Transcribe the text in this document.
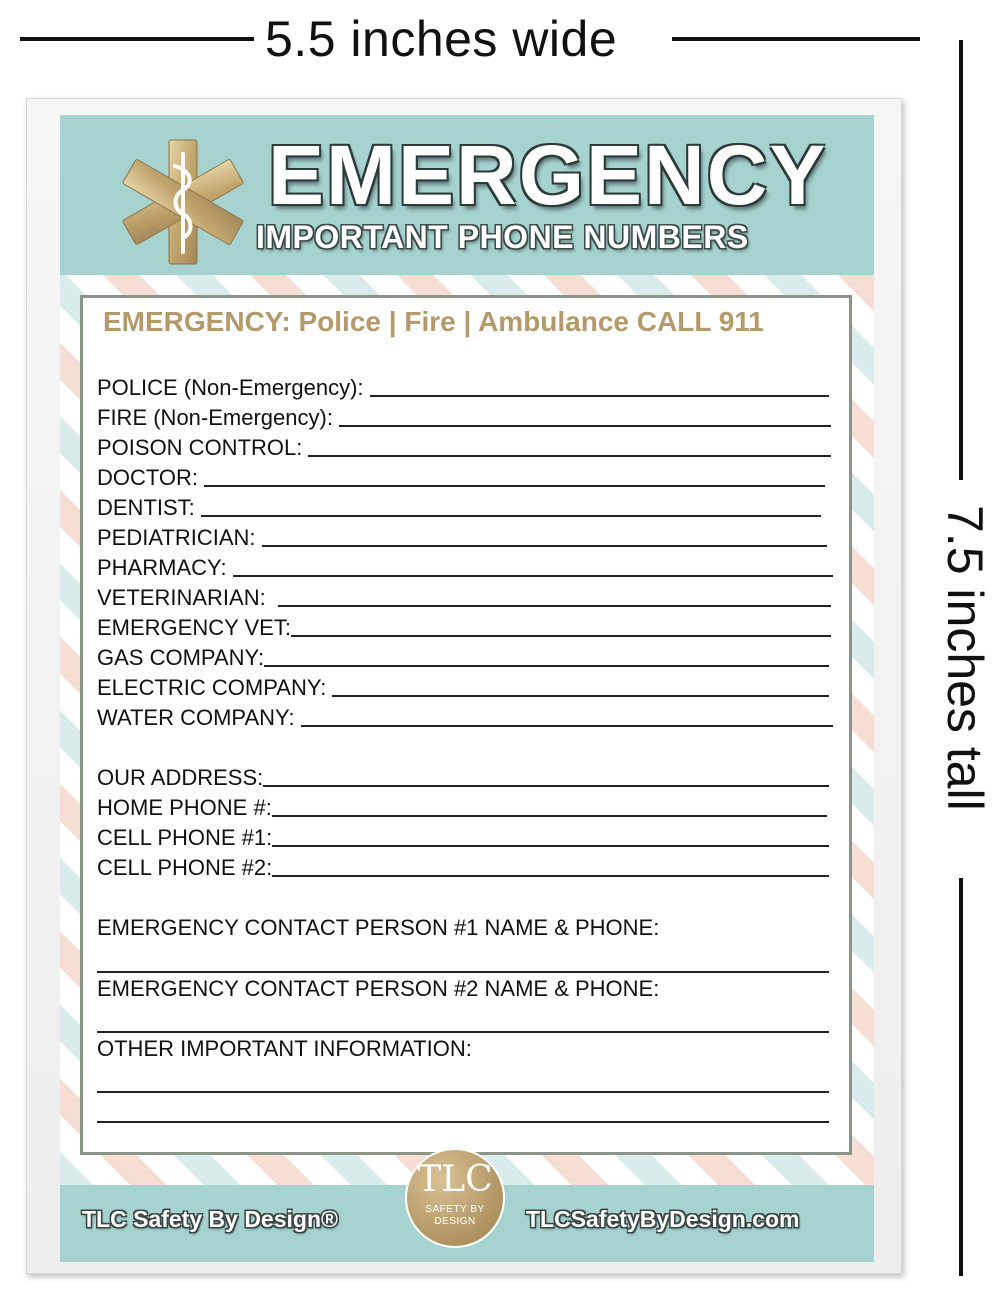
5.5 inches wide
7.5 inches tall
EMERGENCY
IMPORTANT PHONE NUMBERS
EMERGENCY: Police | Fire | Ambulance CALL 911
POLICE (Non-Emergency):
FIRE (Non-Emergency):
POISON CONTROL:
DOCTOR:
DENTIST:
PEDIATRICIAN:
PHARMACY:
VETERINARIAN:
EMERGENCY VET:
GAS COMPANY:
ELECTRIC COMPANY:
WATER COMPANY:
OUR ADDRESS:
HOME PHONE #:
CELL PHONE #1:
CELL PHONE #2:
EMERGENCY CONTACT PERSON #1 NAME & PHONE:
EMERGENCY CONTACT PERSON #2 NAME & PHONE:
OTHER IMPORTANT INFORMATION:
TLC Safety By Design®	TLCSafetyByDesign.com
TLC
SAFETY BY
DESIGN
